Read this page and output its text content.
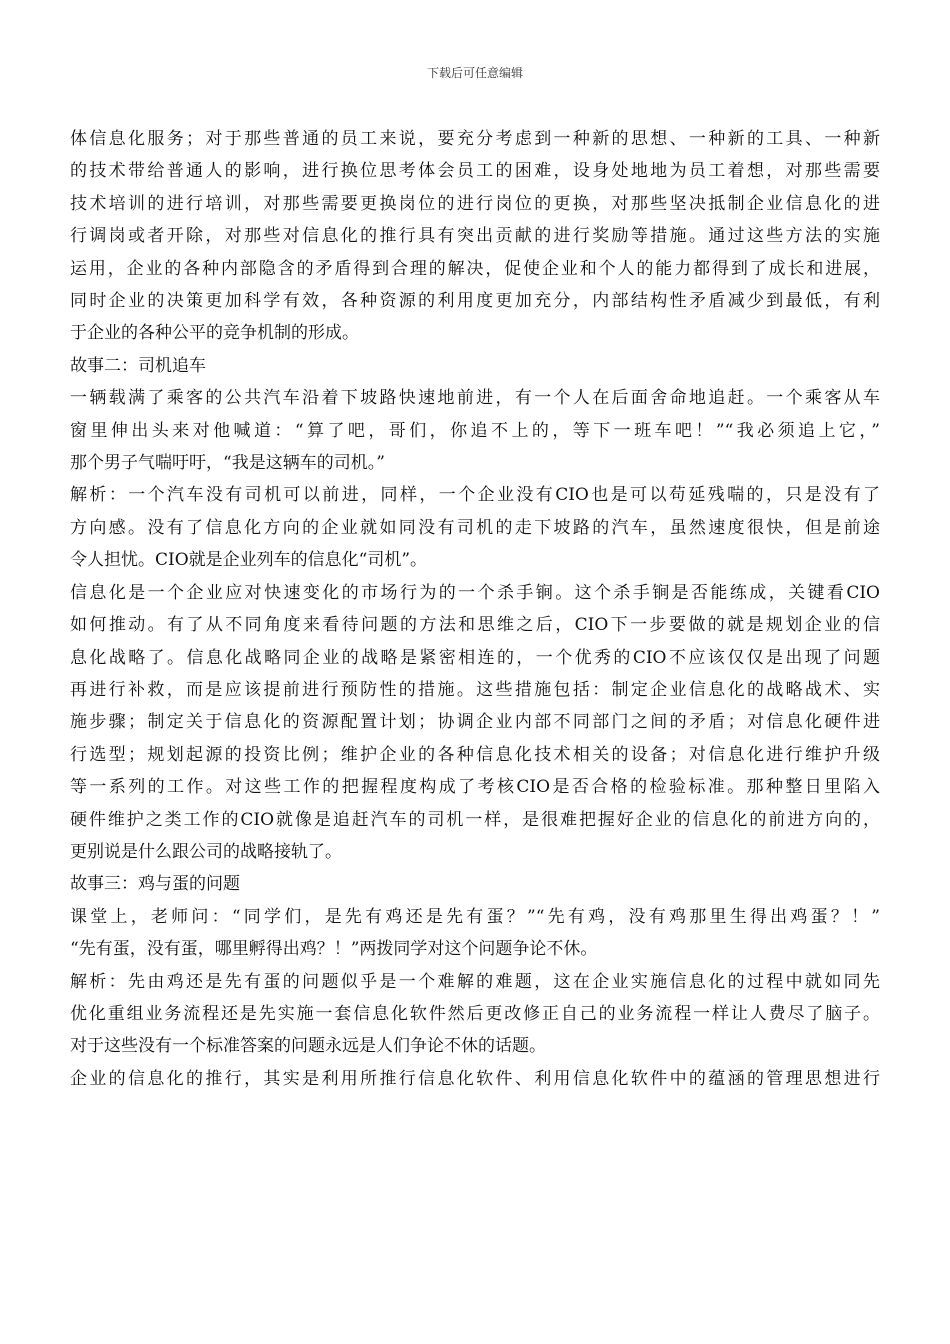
下载后可任意编辑
体信息化服务；对于那些普通的员工来说，要充分考虑到一种新的思想、一种新的工具、一种新
的技术带给普通人的影响，进行换位思考体会员工的困难，设身处地地为员工着想，对那些需要
技术培训的进行培训，对那些需要更换岗位的进行岗位的更换，对那些坚决抵制企业信息化的进
行调岗或者开除，对那些对信息化的推行具有突出贡献的进行奖励等措施。通过这些方法的实施
运用，企业的各种内部隐含的矛盾得到合理的解决，促使企业和个人的能力都得到了成长和进展，
同时企业的决策更加科学有效，各种资源的利用度更加充分，内部结构性矛盾减少到最低，有利
于企业的各种公平的竞争机制的形成。
故事二：司机追车
一辆载满了乘客的公共汽车沿着下坡路快速地前进，有一个人在后面舍命地追赶。一个乘客从车
窗里伸出头来对他喊道：“算了吧，哥们，你追不上的，等下一班车吧！”“我必须追上它，”
那个男子气喘吁吁，“我是这辆车的司机。”
解析：一个汽车没有司机可以前进，同样，一个企业没有CIO也是可以苟延残喘的，只是没有了
方向感。没有了信息化方向的企业就如同没有司机的走下坡路的汽车，虽然速度很快，但是前途
令人担忧。CIO就是企业列车的信息化“司机”。
信息化是一个企业应对快速变化的市场行为的一个杀手锏。这个杀手锏是否能练成，关键看CIO
如何推动。有了从不同角度来看待问题的方法和思维之后，CIO下一步要做的就是规划企业的信
息化战略了。信息化战略同企业的战略是紧密相连的，一个优秀的CIO不应该仅仅是出现了问题
再进行补救，而是应该提前进行预防性的措施。这些措施包括：制定企业信息化的战略战术、实
施步骤；制定关于信息化的资源配置计划；协调企业内部不同部门之间的矛盾；对信息化硬件进
行选型；规划起源的投资比例；维护企业的各种信息化技术相关的设备；对信息化进行维护升级
等一系列的工作。对这些工作的把握程度构成了考核CIO是否合格的检验标准。那种整日里陷入
硬件维护之类工作的CIO就像是追赶汽车的司机一样，是很难把握好企业的信息化的前进方向的，
更别说是什么跟公司的战略接轨了。
故事三：鸡与蛋的问题
课堂上，老师问：“同学们，是先有鸡还是先有蛋？”“先有鸡，没有鸡那里生得出鸡蛋？！”
“先有蛋，没有蛋，哪里孵得出鸡？！”两拨同学对这个问题争论不休。
解析：先由鸡还是先有蛋的问题似乎是一个难解的难题，这在企业实施信息化的过程中就如同先
优化重组业务流程还是先实施一套信息化软件然后更改修正自己的业务流程一样让人费尽了脑子。
对于这些没有一个标准答案的问题永远是人们争论不休的话题。
企业的信息化的推行，其实是利用所推行信息化软件、利用信息化软件中的蕴涵的管理思想进行
